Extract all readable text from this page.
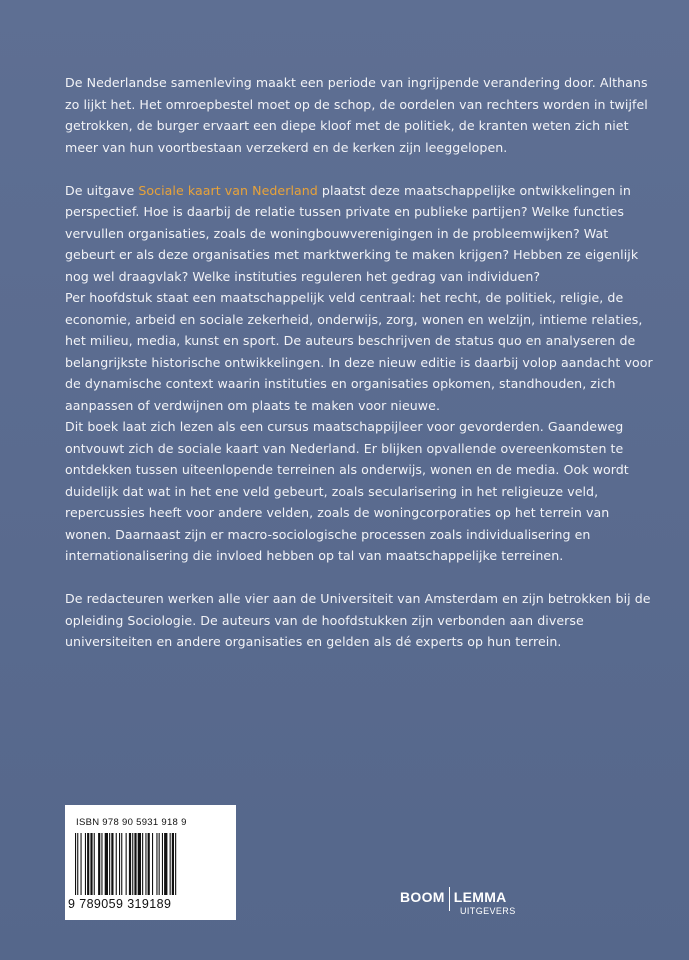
De Nederlandse samenleving maakt een periode van ingrijpende verandering door. Althans zo lijkt het. Het omroepbestel moet op de schop, de oordelen van rechters worden in twijfel getrokken, de burger ervaart een diepe kloof met de politiek, de kranten weten zich niet meer van hun voortbestaan verzekerd en de kerken zijn leeggelopen.

De uitgave Sociale kaart van Nederland plaatst deze maatschappelijke ontwikkelingen in perspectief. Hoe is daarbij de relatie tussen private en publieke partijen? Welke functies vervullen organisaties, zoals de woningbouwverenigingen in de probleemwijken? Wat gebeurt er als deze organisaties met marktwerking te maken krijgen? Hebben ze eigenlijk nog wel draagvlak? Welke instituties reguleren het gedrag van individuen?

Per hoofdstuk staat een maatschappelijk veld centraal: het recht, de politiek, religie, de economie, arbeid en sociale zekerheid, onderwijs, zorg, wonen en welzijn, intieme relaties, het milieu, media, kunst en sport. De auteurs beschrijven de status quo en analyseren de belangrijkste historische ontwikkelingen. In deze nieuw editie is daarbij volop aandacht voor de dynamische context waarin instituties en organisaties opkomen, standhouden, zich aanpassen of verdwijnen om plaats te maken voor nieuwe.

Dit boek laat zich lezen als een cursus maatschappijleer voor gevorderden. Gaandeweg ontvouwt zich de sociale kaart van Nederland. Er blijken opvallende overeenkomsten te ontdekken tussen uiteenlopende terreinen als onderwijs, wonen en de media. Ook wordt duidelijk dat wat in het ene veld gebeurt, zoals secularisering in het religieuze veld, repercussies heeft voor andere velden, zoals de woningcorporaties op het terrein van wonen. Daarnaast zijn er macro-sociologische processen zoals individualisering en internationalisering die invloed hebben op tal van maatschappelijke terreinen.

De redacteuren werken alle vier aan de Universiteit van Amsterdam en zijn betrokken bij de opleiding Sociologie. De auteurs van de hoofdstukken zijn verbonden aan diverse universiteiten en andere organisaties en gelden als dé experts op hun terrein.

ISBN 978 90 5931 918 9
9 789059 319189	BOOM LEMMA
UITGEVERS
